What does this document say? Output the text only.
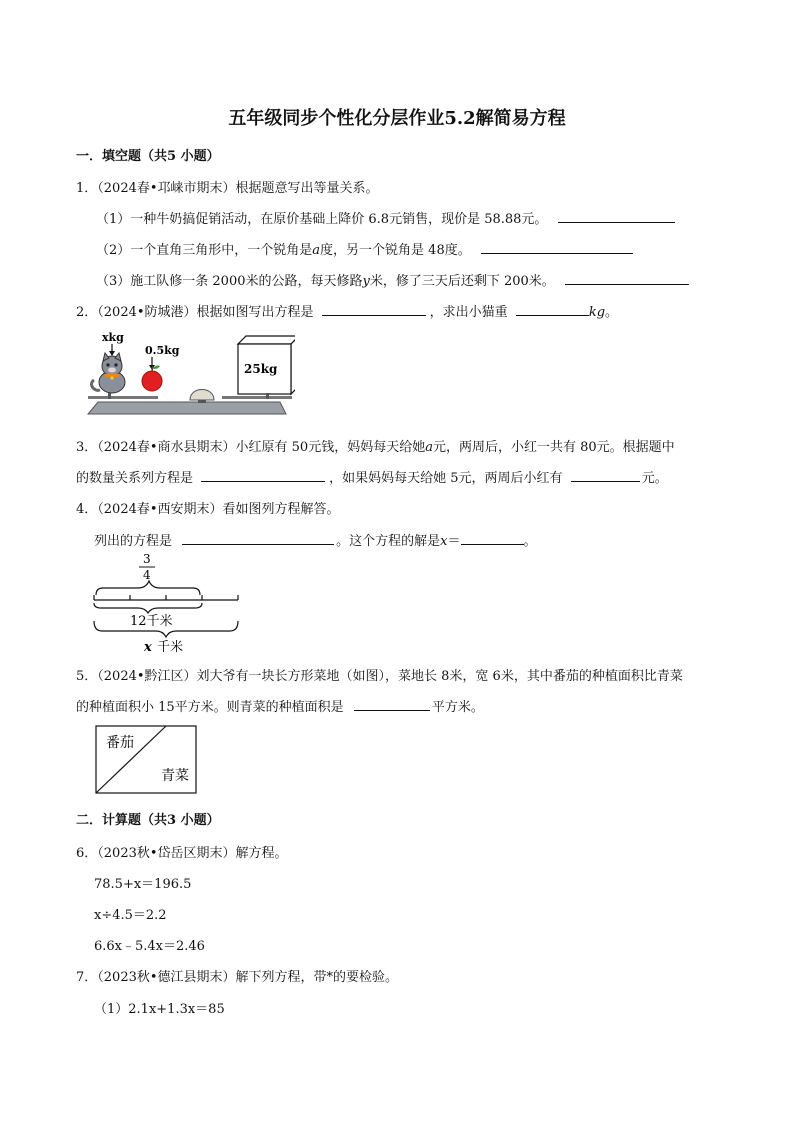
五年级同步个性化分层作业5.2解简易方程
一．填空题（共5 小题）
1．（2024春•邛崃市期末）根据题意写出等量关系。
（1）一种牛奶搞促销活动，在原价基础上降价 6.8元销售，现价是 58.88元。
（2）一个直角三角形中，一个锐角是a度，另一个锐角是 48度。
（3）施工队修一条 2000米的公路，每天修路y米，修了三天后还剩下 200米。
2．（2024•防城港）根据如图写出方程是	，求出小猫重	kg。
xkg
0.5kg
25kg
3．（2024春•商水县期末）小红原有 50元钱，妈妈每天给她a元，两周后，小红一共有 80元。根据题中
的数量关系列方程是	，如果妈妈每天给她 5元，两周后小红有	元。
4．（2024春•西安期末）看如图列方程解答。
列出的方程是	。这个方程的解是x＝	。
3
4
12千米
x 千米
5．（2024•黔江区）刘大爷有一块长方形菜地（如图），菜地长 8米，宽 6米，其中番茄的种植面积比青菜
的种植面积小 15平方米。则青菜的种植面积是	平方米。
番茄
青菜
二．计算题（共3 小题）
6．（2023秋•岱岳区期末）解方程。
78.5+x＝196.5
x÷4.5＝2.2
6.6x﹣5.4x＝2.46
7．（2023秋•德江县期末）解下列方程，带*的要检验。
（1）2.1x+1.3x＝85
